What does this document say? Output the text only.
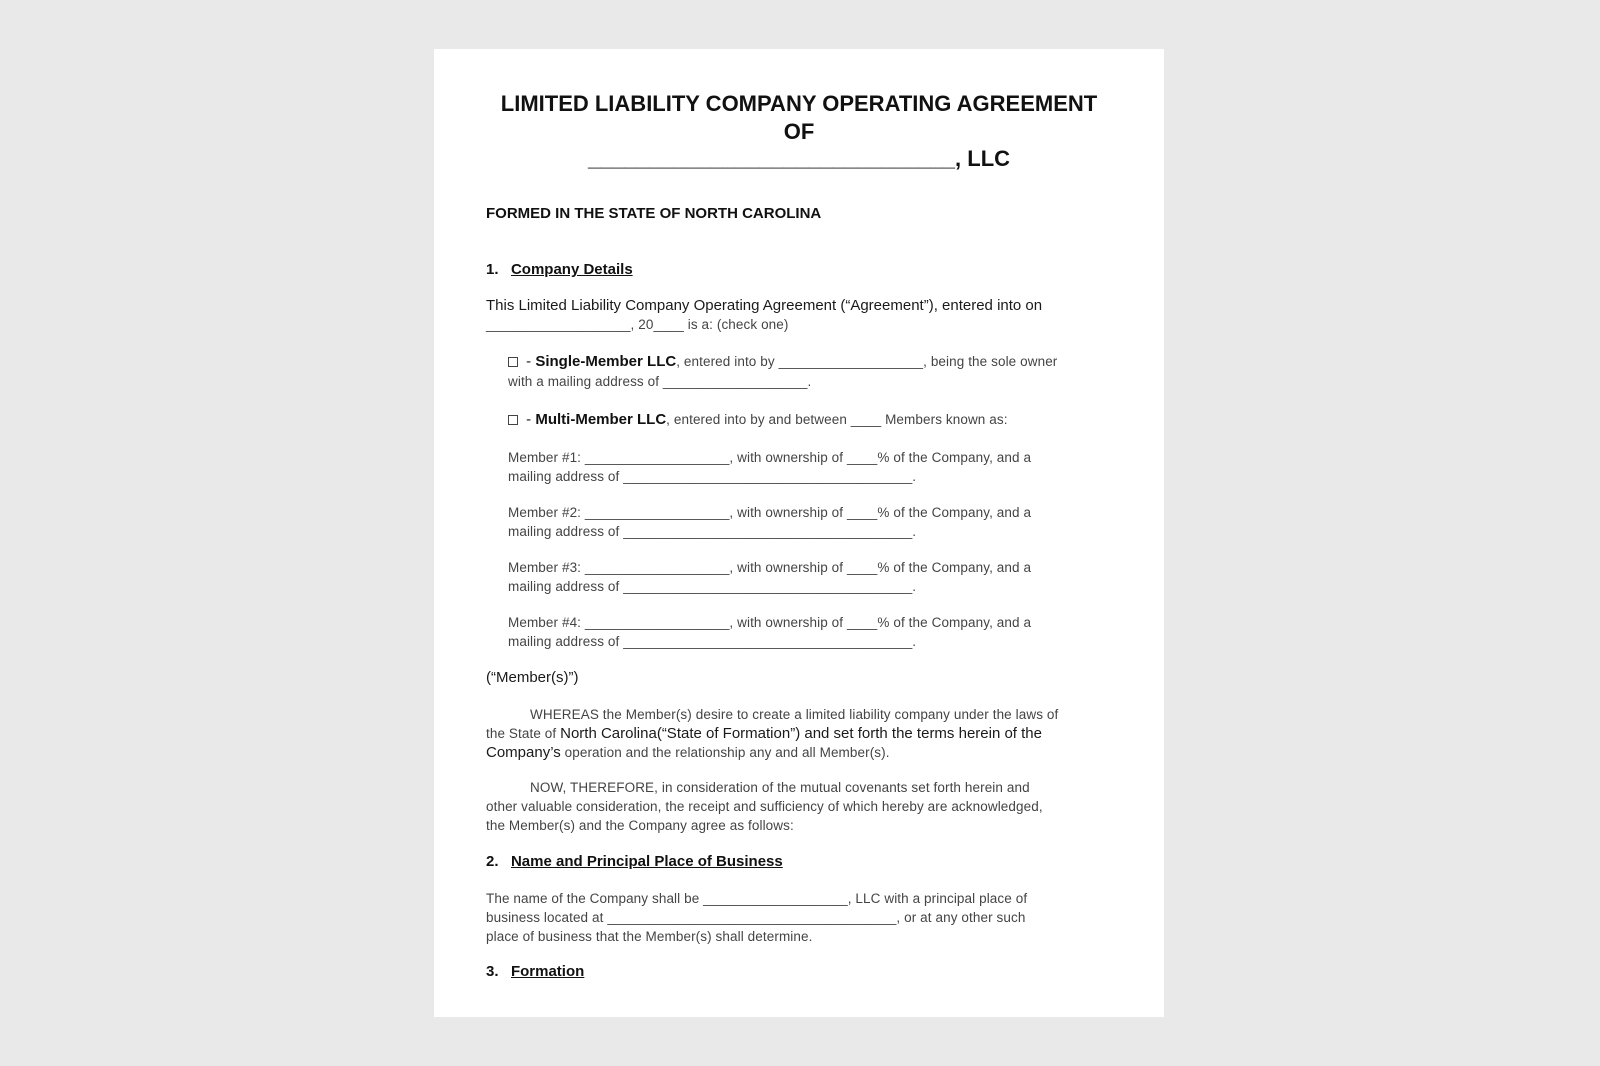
LIMITED LIABILITY COMPANY OPERATING AGREEMENT
OF
______________________________, LLC
FORMED IN THE STATE OF NORTH CAROLINA
1. Company Details
This Limited Liability Company Operating Agreement (“Agreement”), entered into on
___________________, 20____ is a: (check one)
- Single-Member LLC, entered into by ___________________, being the sole owner
with a mailing address of ___________________.
- Multi-Member LLC, entered into by and between ____ Members known as:
Member #1: ___________________, with ownership of ____% of the Company, and a
mailing address of ______________________________________.
Member #2: ___________________, with ownership of ____% of the Company, and a
mailing address of ______________________________________.
Member #3: ___________________, with ownership of ____% of the Company, and a
mailing address of ______________________________________.
Member #4: ___________________, with ownership of ____% of the Company, and a
mailing address of ______________________________________.
(“Member(s)”)
WHEREAS the Member(s) desire to create a limited liability company under the laws of
the State of North Carolina(“State of Formation”) and set forth the terms herein of the
Company’s operation and the relationship any and all Member(s).
NOW, THEREFORE, in consideration of the mutual covenants set forth herein and
other valuable consideration, the receipt and sufficiency of which hereby are acknowledged,
the Member(s) and the Company agree as follows:
2. Name and Principal Place of Business
The name of the Company shall be ___________________, LLC with a principal place of
business located at ______________________________________, or at any other such
place of business that the Member(s) shall determine.
3. Formation
